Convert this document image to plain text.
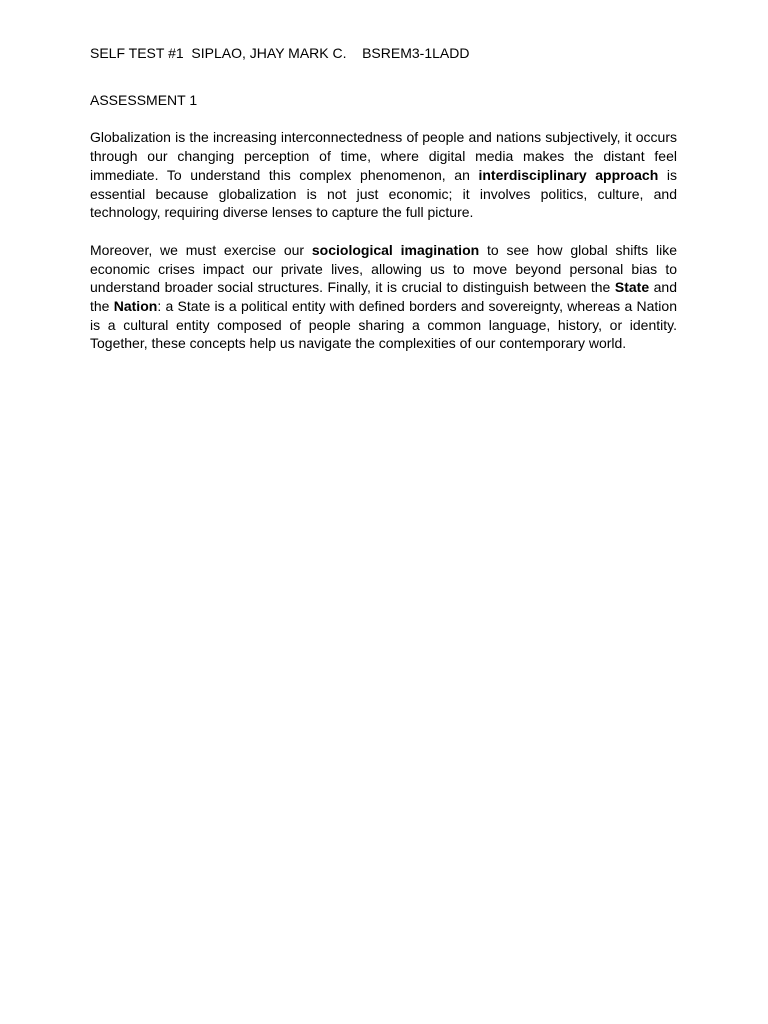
SELF TEST #1 SIPLAO, JHAY MARK C. BSREM3-1LADD

ASSESSMENT 1

Globalization is the increasing interconnectedness of people and nations subjectively, it occurs through our changing perception of time, where digital media makes the distant feel immediate. To understand this complex phenomenon, an interdisciplinary approach is essential because globalization is not just economic; it involves politics, culture, and technology, requiring diverse lenses to capture the full picture.

Moreover, we must exercise our sociological imagination to see how global shifts like economic crises impact our private lives, allowing us to move beyond personal bias to understand broader social structures. Finally, it is crucial to distinguish between the State and the Nation: a State is a political entity with defined borders and sovereignty, whereas a Nation is a cultural entity composed of people sharing a common language, history, or identity. Together, these concepts help us navigate the complexities of our contemporary world.
